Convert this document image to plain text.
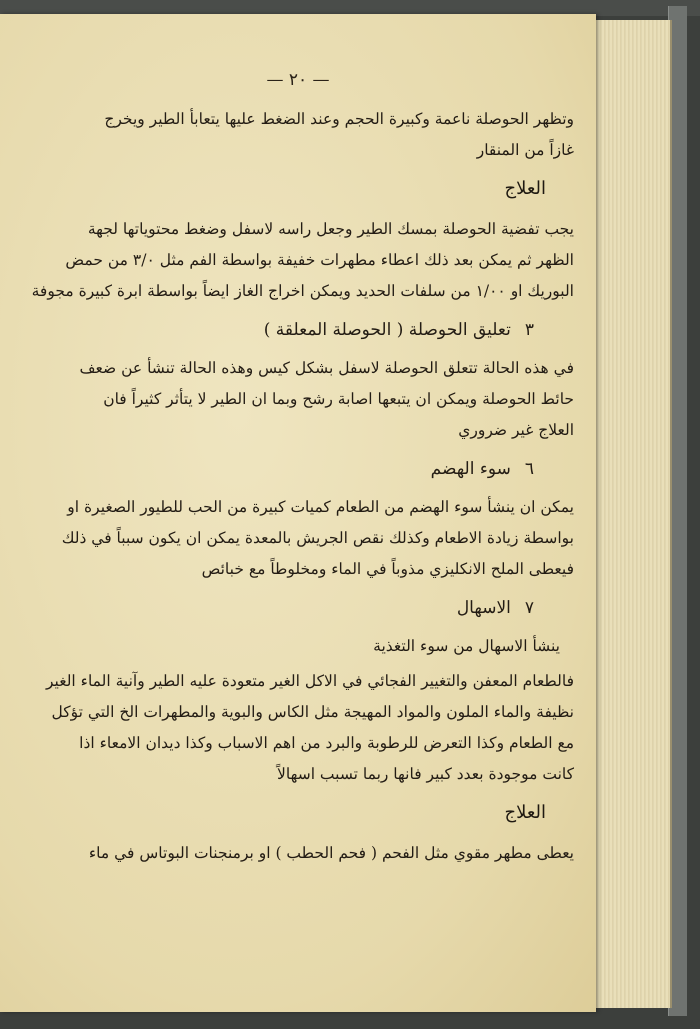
— ٢٠ —

وتظهر الحوصلة ناعمة وكبيرة الحجم وعند الضغط عليها يتعابأ الطير ويخرج
غازاً من المنقار

العلاج

يجب تفضية الحوصلة بمسك الطير وجعل راسه لاسفل وضغط محتوياتها لجهة
الظهر ثم يمكن بعد ذلك اعطاء مطهرات خفيفة بواسطة الفم مثل ٣/٠ من حمض
البوريك او ١/٠٠ من سلفات الحديد ويمكن اخراج الغاز ايضاً بواسطة ابرة كبيرة مجوفة

٣تعليق الحوصلة ( الحوصلة المعلقة )

في هذه الحالة تتعلق الحوصلة لاسفل بشكل كيس وهذه الحالة تنشأ عن ضعف
حائط الحوصلة ويمكن ان يتبعها اصابة رشح وبما ان الطير لا يتأثر كثيراً فان
العلاج غير ضروري

٦سوء الهضم

يمكن ان ينشأ سوء الهضم من الطعام كميات كبيرة من الحب للطيور الصغيرة او
بواسطة زيادة الاطعام وكذلك نقص الجريش بالمعدة يمكن ان يكون سبباً في ذلك
فيعطى الملح الانكليزي مذوباً في الماء ومخلوطاً مع خبائص

٧الاسهال

ينشأ الاسهال من سوء التغذية

فالطعام المعفن والتغيير الفجائي في الاكل الغير متعودة عليه الطير وآنية الماء الغير
نظيفة والماء الملون والمواد المهيجة مثل الكاس والبوية والمطهرات الخ التي تؤكل
مع الطعام وكذا التعرض للرطوبة والبرد من اهم الاسباب وكذا ديدان الامعاء اذا
كانت موجودة بعدد كبير فانها ربما تسبب اسهالاً

العلاج

يعطى مطهر مقوي مثل الفحم ( فحم الحطب ) او برمنجنات البوتاس في ماء
